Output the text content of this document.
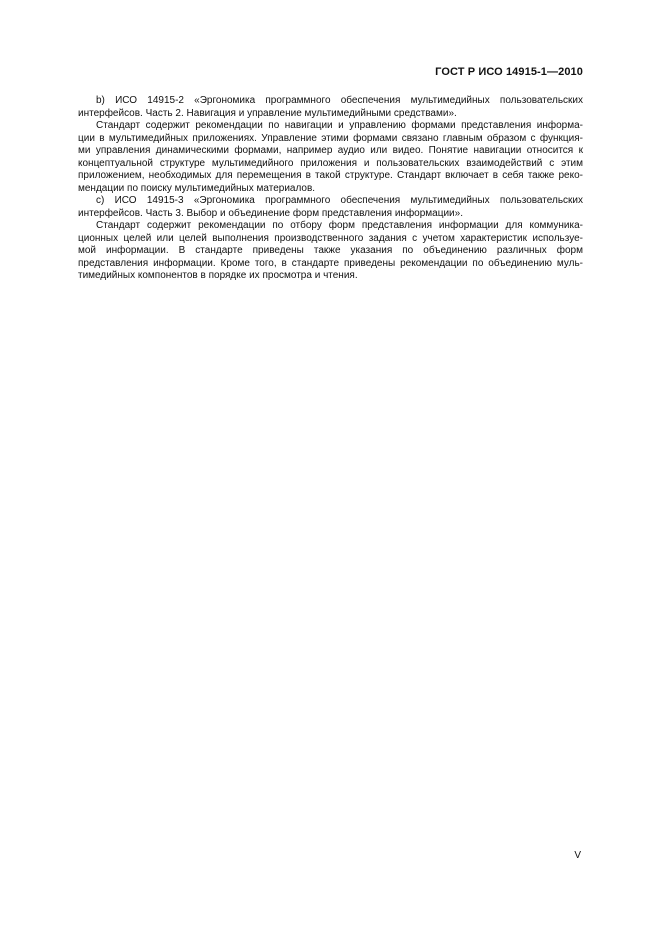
ГОСТ Р ИСО 14915-1—2010

b) ИСО 14915-2 «Эргономика программного обеспечения мультимедийных пользовательских
интерфейсов. Часть 2. Навигация и управление мультимедийными средствами».

Стандарт содержит рекомендации по навигации и управлению формами представления информа-
ции в мультимедийных приложениях. Управление этими формами связано главным образом с функция-
ми управления динамическими формами, например аудио или видео. Понятие навигации относится к
концептуальной структуре мультимедийного приложения и пользовательских взаимодействий с этим
приложением, необходимых для перемещения в такой структуре. Стандарт включает в себя также реко-
мендации по поиску мультимедийных материалов.

c) ИСО 14915-3 «Эргономика программного обеспечения мультимедийных пользовательских
интерфейсов. Часть 3. Выбор и объединение форм представления информации».

Стандарт содержит рекомендации по отбору форм представления информации для коммуника-
ционных целей или целей выполнения производственного задания с учетом характеристик используе-
мой информации. В стандарте приведены также указания по объединению различных форм
представления информации. Кроме того, в стандарте приведены рекомендации по объединению муль-
тимедийных компонентов в порядке их просмотра и чтения.

V
